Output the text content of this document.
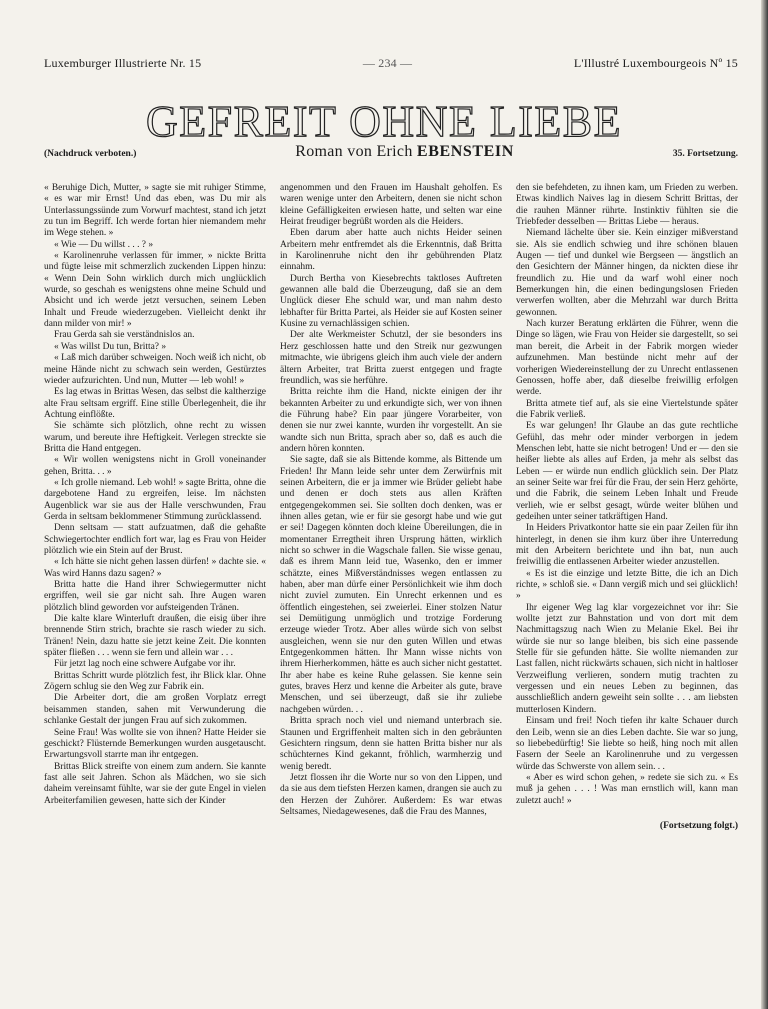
Luxemburger Illustrierte Nr. 15	— 234 —	L'Illustré Luxembourgeois Nº 15
GEFREIT OHNE LIEBE
(Nachdruck verboten.)	Roman von Erich EBENSTEIN	35. Fortsetzung.

« Beruhige Dich, Mutter, » sagte sie mit ruhiger Stimme, « es war mir Ernst! Und das eben, was Du mir als Unterlassungssünde zum Vorwurf machtest, stand ich jetzt zu tun im Begriff. Ich werde fortan hier niemandem mehr im Wege stehen. »

« Wie — Du willst . . . ? »

« Karolinenruhe verlassen für immer, » nickte Britta und fügte leise mit schmerzlich zuckenden Lippen hinzu: « Wenn Dein Sohn wirklich durch mich unglücklich wurde, so geschah es wenigstens ohne meine Schuld und Absicht und ich werde jetzt versuchen, seinem Leben Inhalt und Freude wiederzugeben. Vielleicht denkt ihr dann milder von mir! »

Frau Gerda sah sie verständnislos an.

« Was willst Du tun, Britta? »

« Laß mich darüber schweigen. Noch weiß ich nicht, ob meine Hände nicht zu schwach sein werden, Gestürztes wieder aufzurichten. Und nun, Mutter — leb wohl! »

Es lag etwas in Brittas Wesen, das selbst die kaltherzige alte Frau seltsam ergriff. Eine stille Überlegenheit, die ihr Achtung einflößte.

Sie schämte sich plötzlich, ohne recht zu wissen warum, und bereute ihre Heftigkeit. Verlegen streckte sie Britta die Hand entgegen.

« Wir wollen wenigstens nicht in Groll voneinander gehen, Britta. . . »

« Ich grolle niemand. Leb wohl! » sagte Britta, ohne die dargebotene Hand zu ergreifen, leise. Im nächsten Augenblick war sie aus der Halle verschwunden, Frau Gerda in seltsam beklommener Stimmung zurücklassend.

Denn seltsam — statt aufzuatmen, daß die gehaßte Schwiegertochter endlich fort war, lag es Frau von Heider plötzlich wie ein Stein auf der Brust.

« Ich hätte sie nicht gehen lassen dürfen! » dachte sie. « Was wird Hanns dazu sagen? »

Britta hatte die Hand ihrer Schwiegermutter nicht ergriffen, weil sie gar nicht sah. Ihre Augen waren plötzlich blind geworden vor aufsteigenden Tränen.

Die kalte klare Winterluft draußen, die eisig über ihre brennende Stirn strich, brachte sie rasch wieder zu sich. Tränen! Nein, dazu hatte sie jetzt keine Zeit. Die konnten später fließen . . . wenn sie fern und allein war . . .

Für jetzt lag noch eine schwere Aufgabe vor ihr.

Brittas Schritt wurde plötzlich fest, ihr Blick klar. Ohne Zögern schlug sie den Weg zur Fabrik ein.

Die Arbeiter dort, die am großen Vorplatz erregt beisammen standen, sahen mit Verwunderung die schlanke Gestalt der jungen Frau auf sich zukommen.

Seine Frau! Was wollte sie von ihnen? Hatte Heider sie geschickt? Flüsternde Bemerkungen wurden ausgetauscht. Erwartungsvoll starrte man ihr entgegen.

Brittas Blick streifte von einem zum andern. Sie kannte fast alle seit Jahren. Schon als Mädchen, wo sie sich daheim vereinsamt fühlte, war sie der gute Engel in vielen Arbeiterfamilien gewesen, hatte sich der Kinder

angenommen und den Frauen im Haushalt geholfen. Es waren wenige unter den Arbeitern, denen sie nicht schon kleine Gefälligkeiten erwiesen hatte, und selten war eine Heirat freudiger begrüßt worden als die Heiders.

Eben darum aber hatte auch nichts Heider seinen Arbeitern mehr entfremdet als die Erkenntnis, daß Britta in Karolinenruhe nicht den ihr gebührenden Platz einnahm.

Durch Bertha von Kiesebrechts taktloses Auftreten gewannen alle bald die Überzeugung, daß sie an dem Unglück dieser Ehe schuld war, und man nahm desto lebhafter für Britta Partei, als Heider sie auf Kosten seiner Kusine zu vernachlässigen schien.

Der alte Werkmeister Schutzl, der sie besonders ins Herz geschlossen hatte und den Streik nur gezwungen mitmachte, wie übrigens gleich ihm auch viele der andern ältern Arbeiter, trat Britta zuerst entgegen und fragte freundlich, was sie herführe.

Britta reichte ihm die Hand, nickte einigen der ihr bekannten Arbeiter zu und erkundigte sich, wer von ihnen die Führung habe? Ein paar jüngere Vorarbeiter, von denen sie nur zwei kannte, wurden ihr vorgestellt. An sie wandte sich nun Britta, sprach aber so, daß es auch die andern hören konnten.

Sie sagte, daß sie als Bittende komme, als Bittende um Frieden! Ihr Mann leide sehr unter dem Zerwürfnis mit seinen Arbeitern, die er ja immer wie Brüder geliebt habe und denen er doch stets aus allen Kräften entgegengekommen sei. Sie sollten doch denken, was er ihnen alles getan, wie er für sie gesorgt habe und wie gut er sei! Dagegen könnten doch kleine Übereilungen, die in momentaner Erregtheit ihren Ursprung hätten, wirklich nicht so schwer in die Wagschale fallen. Sie wisse genau, daß es ihrem Mann leid tue, Wasenko, den er immer schätzte, eines Mißverständnisses wegen entlassen zu haben, aber man dürfe einer Persönlichkeit wie ihm doch nicht zuviel zumuten. Ein Unrecht erkennen und es öffentlich eingestehen, sei zweierlei. Einer stolzen Natur sei Demütigung unmöglich und trotzige Forderung erzeuge wieder Trotz. Aber alles würde sich von selbst ausgleichen, wenn sie nur den guten Willen und etwas Entgegenkommen hätten. Ihr Mann wisse nichts von ihrem Hierherkommen, hätte es auch sicher nicht gestattet. Ihr aber habe es keine Ruhe gelassen. Sie kenne sein gutes, braves Herz und kenne die Arbeiter als gute, brave Menschen, und sei überzeugt, daß sie ihr zuliebe nachgeben würden. . .

Britta sprach noch viel und niemand unterbrach sie. Staunen und Ergriffenheit malten sich in den gebräunten Gesichtern ringsum, denn sie hatten Britta bisher nur als schüchternes Kind gekannt, fröhlich, warmherzig und wenig beredt.

Jetzt flossen ihr die Worte nur so von den Lippen, und da sie aus dem tiefsten Herzen kamen, drangen sie auch zu den Herzen der Zuhörer. Außerdem: Es war etwas Seltsames, Niedagewesenes, daß die Frau des Mannes,

den sie befehdeten, zu ihnen kam, um Frieden zu werben. Etwas kindlich Naives lag in diesem Schritt Brittas, der die rauhen Männer rührte. Instinktiv fühlten sie die Triebfeder desselben — Brittas Liebe — heraus.

Niemand lächelte über sie. Kein einziger mißverstand sie. Als sie endlich schwieg und ihre schönen blauen Augen — tief und dunkel wie Bergseen — ängstlich an den Gesichtern der Männer hingen, da nickten diese ihr freundlich zu. Hie und da warf wohl einer noch Bemerkungen hin, die einen bedingungslosen Frieden verwerfen wollten, aber die Mehrzahl war durch Britta gewonnen.

Nach kurzer Beratung erklärten die Führer, wenn die Dinge so lägen, wie Frau von Heider sie dargestellt, so sei man bereit, die Arbeit in der Fabrik morgen wieder aufzunehmen. Man bestünde nicht mehr auf der vorherigen Wiedereinstellung der zu Unrecht entlassenen Genossen, hoffe aber, daß dieselbe freiwillig erfolgen werde.

Britta atmete tief auf, als sie eine Viertelstunde später die Fabrik verließ.

Es war gelungen! Ihr Glaube an das gute rechtliche Gefühl, das mehr oder minder verborgen in jedem Menschen lebt, hatte sie nicht betrogen! Und er — den sie heißer liebte als alles auf Erden, ja mehr als selbst das Leben — er würde nun endlich glücklich sein. Der Platz an seiner Seite war frei für die Frau, der sein Herz gehörte, und die Fabrik, die seinem Leben Inhalt und Freude verlieh, wie er selbst gesagt, würde weiter blühen und gedeihen unter seiner tatkräftigen Hand.

In Heiders Privatkontor hatte sie ein paar Zeilen für ihn hinterlegt, in denen sie ihm kurz über ihre Unterredung mit den Arbeitern berichtete und ihn bat, nun auch freiwillig die entlassenen Arbeiter wieder anzustellen.

« Es ist die einzige und letzte Bitte, die ich an Dich richte, » schloß sie. « Dann vergiß mich und sei glücklich! »

Ihr eigener Weg lag klar vorgezeichnet vor ihr: Sie wollte jetzt zur Bahnstation und von dort mit dem Nachmittagszug nach Wien zu Melanie Ekel. Bei ihr würde sie nur so lange bleiben, bis sich eine passende Stelle für sie gefunden hätte. Sie wollte niemanden zur Last fallen, nicht rückwärts schauen, sich nicht in haltloser Verzweiflung verlieren, sondern mutig trachten zu vergessen und ein neues Leben zu beginnen, das ausschließlich andern geweiht sein sollte . . . am liebsten mutterlosen Kindern.

Einsam und frei! Noch tiefen ihr kalte Schauer durch den Leib, wenn sie an dies Leben dachte. Sie war so jung, so liebebedürftig! Sie liebte so heiß, hing noch mit allen Fasern der Seele an Karolinenruhe und zu vergessen würde das Schwerste von allem sein. . .

« Aber es wird schon gehen, » redete sie sich zu. « Es muß ja gehen . . . ! Was man ernstlich will, kann man zuletzt auch! »

(Fortsetzung folgt.)
